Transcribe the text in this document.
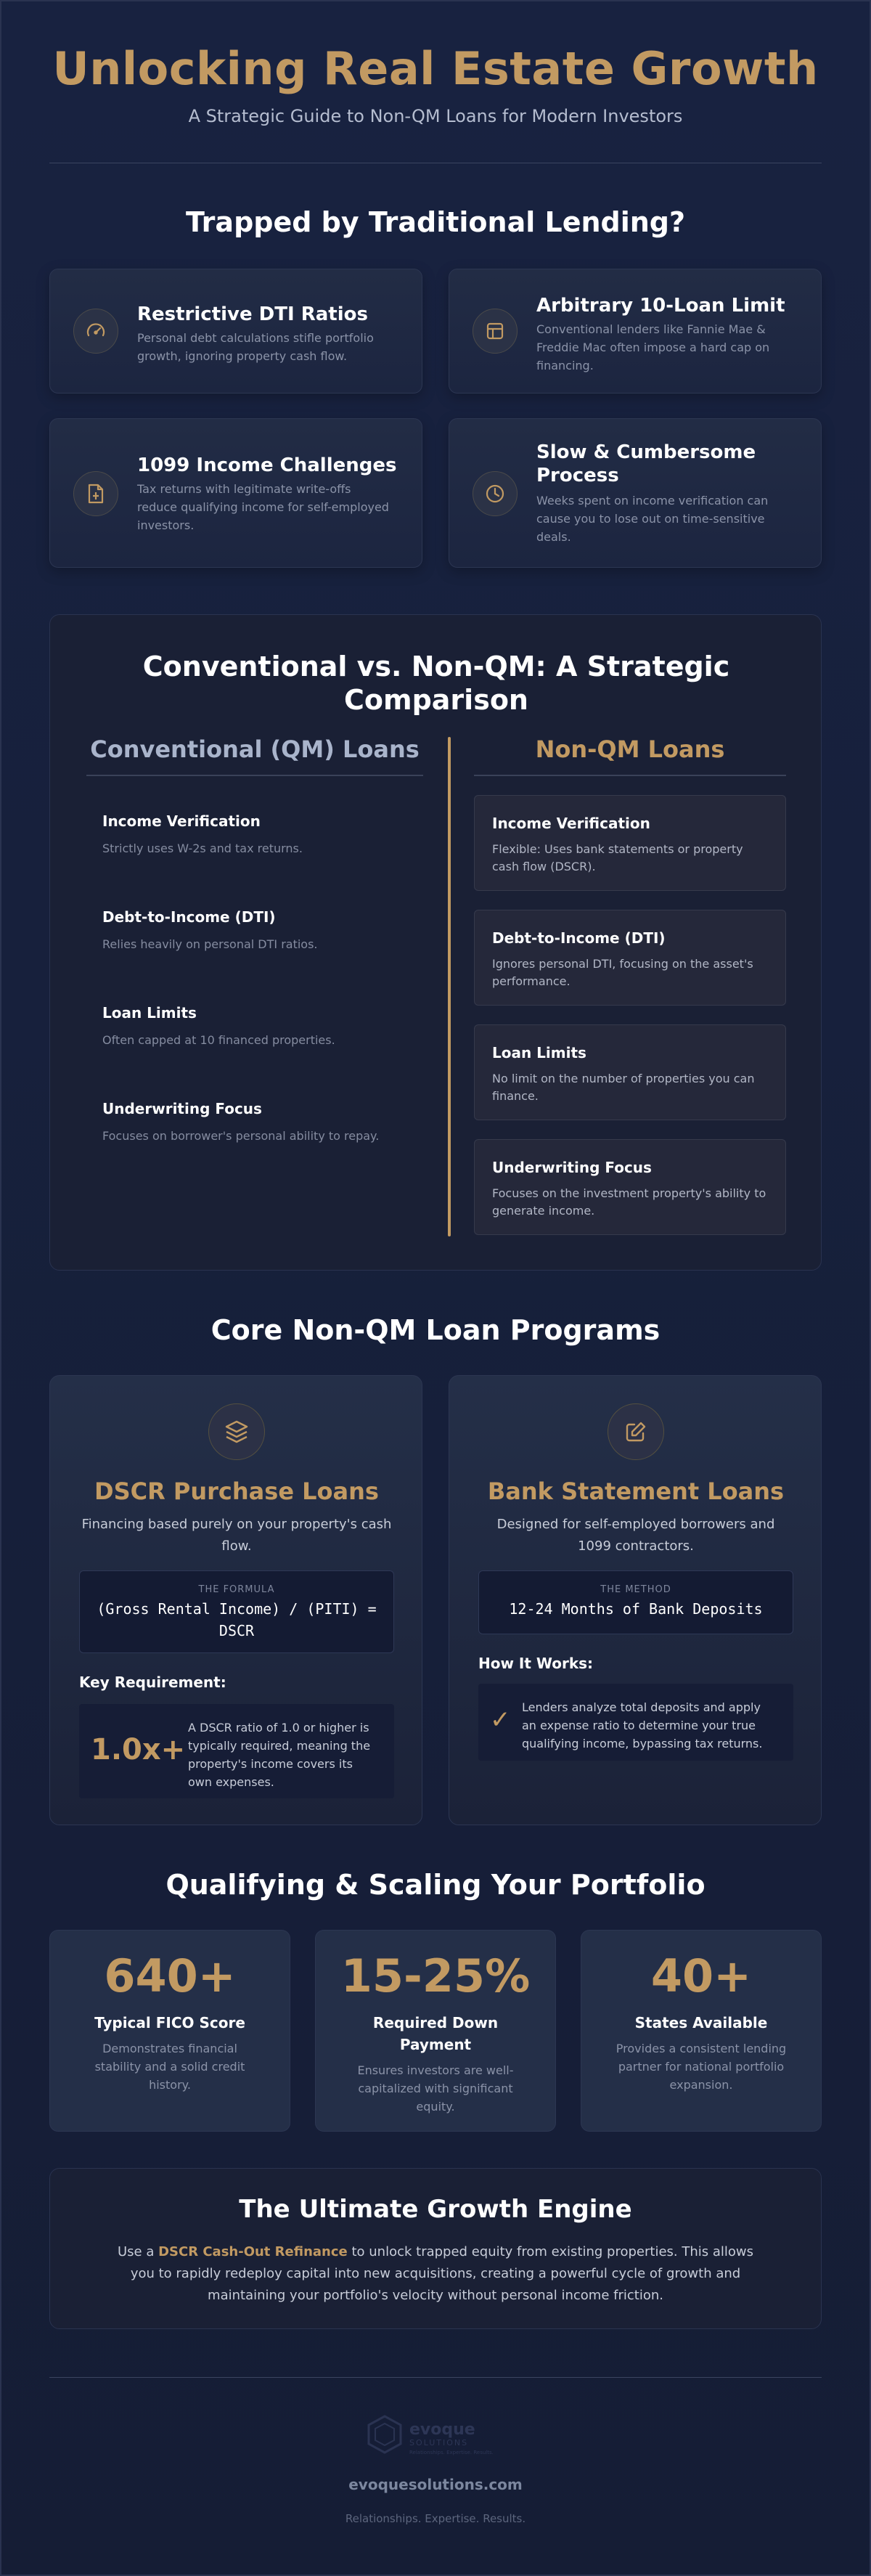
Unlocking Real Estate Growth
A Strategic Guide to Non-QM Loans for Modern Investors
Trapped by Traditional Lending?
Restrictive DTI Ratios
Personal debt calculations stifle portfolio growth, ignoring property cash flow.
Arbitrary 10-Loan Limit
Conventional lenders like Fannie Mae & Freddie Mac often impose a hard cap on financing.
1099 Income Challenges
Tax returns with legitimate write-offs reduce qualifying income for self-employed investors.
Slow & Cumbersome Process
Weeks spent on income verification can cause you to lose out on time-sensitive deals.
Conventional vs. Non-QM: A Strategic Comparison
Conventional (QM) Loans	Non-QM Loans
Income Verification
Strictly uses W-2s and tax returns.
Debt-to-Income (DTI)
Relies heavily on personal DTI ratios.
Loan Limits
Often capped at 10 financed properties.
Underwriting Focus
Focuses on borrower's personal ability to repay.
Income Verification
Flexible: Uses bank statements or property cash flow (DSCR).
Debt-to-Income (DTI)
Ignores personal DTI, focusing on the asset's performance.
Loan Limits
No limit on the number of properties you can finance.
Underwriting Focus
Focuses on the investment property's ability to generate income.
Core Non-QM Loan Programs
DSCR Purchase Loans
Financing based purely on your property's cash flow.
THE FORMULA
(Gross Rental Income) / (PITI) = DSCR
Key Requirement:
1.0x+
A DSCR ratio of 1.0 or higher is typically required, meaning the property's income covers its own expenses.
Bank Statement Loans
Designed for self-employed borrowers and 1099 contractors.
THE METHOD
12-24 Months of Bank Deposits
How It Works:
✓ Lenders analyze total deposits and apply an expense ratio to determine your true qualifying income, bypassing tax returns.
Qualifying & Scaling Your Portfolio
640+
Typical FICO Score
Demonstrates financial stability and a solid credit history.
15-25%
Required Down Payment
Ensures investors are well-capitalized with significant equity.
40+
States Available
Provides a consistent lending partner for national portfolio expansion.
The Ultimate Growth Engine
Use a DSCR Cash-Out Refinance to unlock trapped equity from existing properties. This allows you to rapidly redeploy capital into new acquisitions, creating a powerful cycle of growth and maintaining your portfolio's velocity without personal income friction.
evoque
SOLUTIONS
Relationships. Expertise. Results.
evoquesolutions.com
Relationships. Expertise. Results.
